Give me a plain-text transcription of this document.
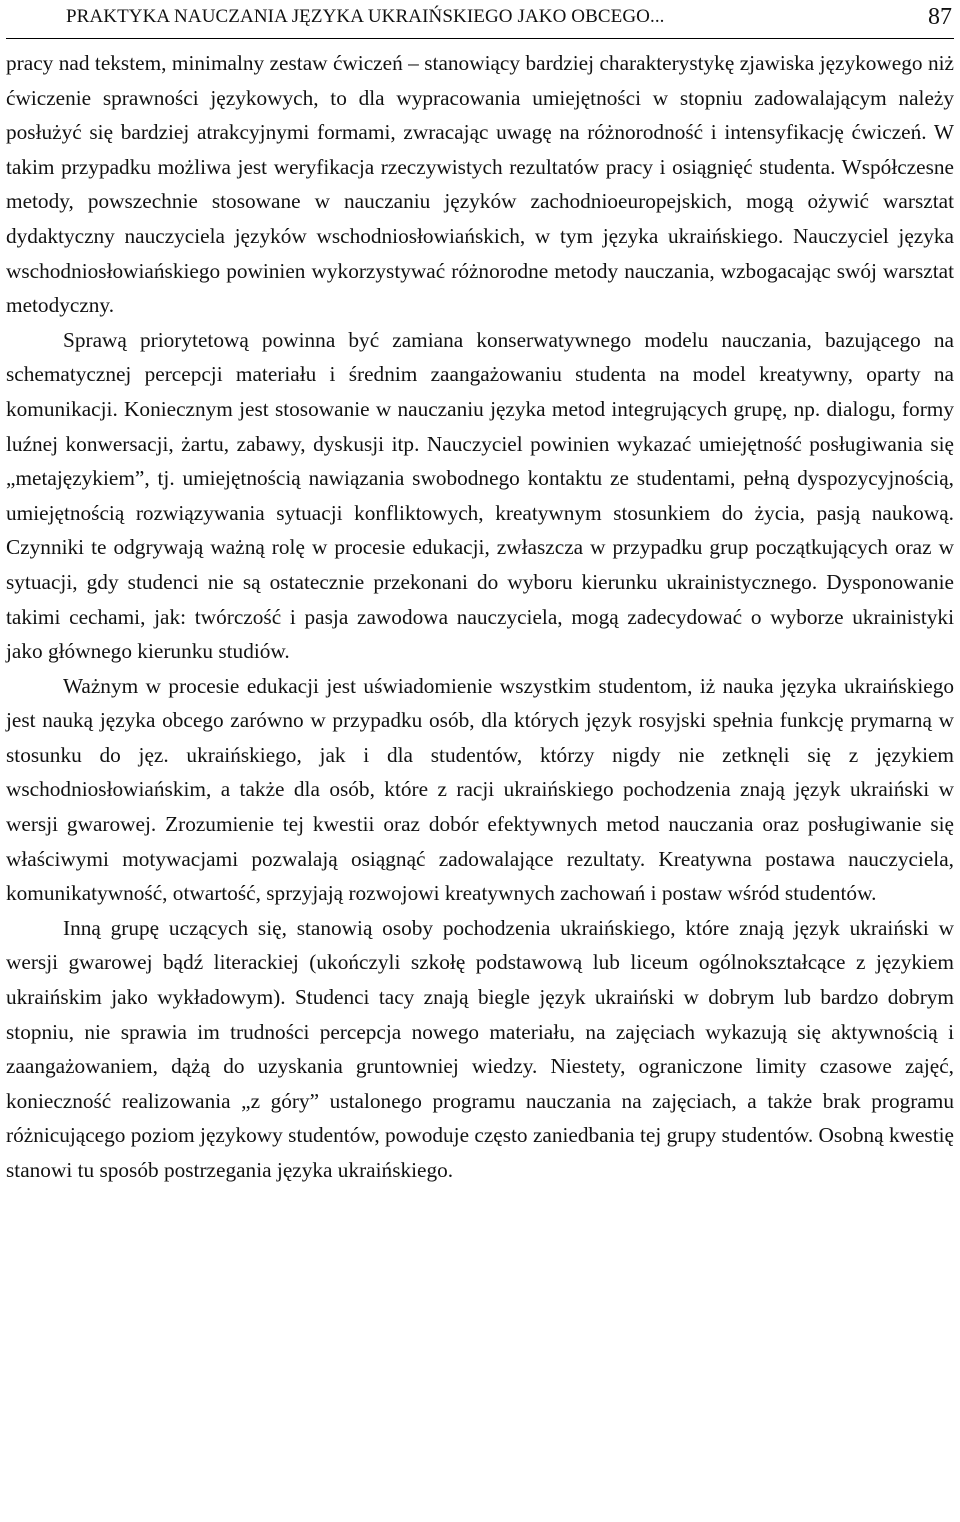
PRAKTYKA NAUCZANIA JĘZYKA UKRAIŃSKIEGO JAKO OBCEGO...	87

pracy nad tekstem, minimalny zestaw ćwiczeń – stanowiący bardziej charakterystykę zjawiska językowego niż ćwiczenie sprawności językowych, to dla wypracowania umiejętności w stopniu zadowalającym należy posłużyć się bardziej atrakcyjnymi formami, zwracając uwagę na różnorodność i intensyfikację ćwiczeń. W takim przypadku możliwa jest weryfikacja rzeczywistych rezultatów pracy i osiągnięć studenta. Współczesne metody, powszechnie stosowane w nauczaniu języków zachodnioeuropejskich, mogą ożywić warsztat dydaktyczny nauczyciela języków wschodniosłowiańskich, w tym języka ukraińskiego. Nauczyciel języka wschodniosłowiańskiego powinien wykorzystywać różnorodne metody nauczania, wzbogacając swój warsztat metodyczny.

Sprawą priorytetową powinna być zamiana konserwatywnego modelu nauczania, bazującego na schematycznej percepcji materiału i średnim zaangażowaniu studenta na model kreatywny, oparty na komunikacji. Koniecznym jest stosowanie w nauczaniu języka metod integrujących grupę, np. dialogu, formy luźnej konwersacji, żartu, zabawy, dyskusji itp. Nauczyciel powinien wykazać umiejętność posługiwania się „metajęzykiem”, tj. umiejętnością nawiązania swobodnego kontaktu ze studentami, pełną dyspozycyjnością, umiejętnością rozwiązywania sytuacji konfliktowych, kreatywnym stosunkiem do życia, pasją naukową. Czynniki te odgrywają ważną rolę w procesie edukacji, zwłaszcza w przypadku grup początkujących oraz w sytuacji, gdy studenci nie są ostatecznie przekonani do wyboru kierunku ukrainistycznego. Dysponowanie takimi cechami, jak: twórczość i pasja zawodowa nauczyciela, mogą zadecydować o wyborze ukrainistyki jako głównego kierunku studiów.

Ważnym w procesie edukacji jest uświadomienie wszystkim studentom, iż nauka języka ukraińskiego jest nauką języka obcego zarówno w przypadku osób, dla których język rosyjski spełnia funkcję prymarną w stosunku do jęz. ukraińskiego, jak i dla studentów, którzy nigdy nie zetknęli się z językiem wschodniosłowiańskim, a także dla osób, które z racji ukraińskiego pochodzenia znają język ukraiński w wersji gwarowej. Zrozumienie tej kwestii oraz dobór efektywnych metod nauczania oraz posługiwanie się właściwymi motywacjami pozwalają osiągnąć zadowalające rezultaty. Kreatywna postawa nauczyciela, komunikatywność, otwartość, sprzyjają rozwojowi kreatywnych zachowań i postaw wśród studentów.

Inną grupę uczących się, stanowią osoby pochodzenia ukraińskiego, które znają język ukraiński w wersji gwarowej bądź literackiej (ukończyli szkołę podstawową lub liceum ogólnokształcące z językiem ukraińskim jako wykładowym). Studenci tacy znają biegle język ukraiński w dobrym lub bardzo dobrym stopniu, nie sprawia im trudności percepcja nowego materiału, na zajęciach wykazują się aktywnością i zaangażowaniem, dążą do uzyskania gruntowniej wiedzy. Niestety, ograniczone limity czasowe zajęć, konieczność realizowania „z góry” ustalonego programu nauczania na zajęciach, a także brak programu różnicującego poziom językowy studentów, powoduje często zaniedbania tej grupy studentów. Osobną kwestię stanowi tu sposób postrzegania języka ukraińskiego.
